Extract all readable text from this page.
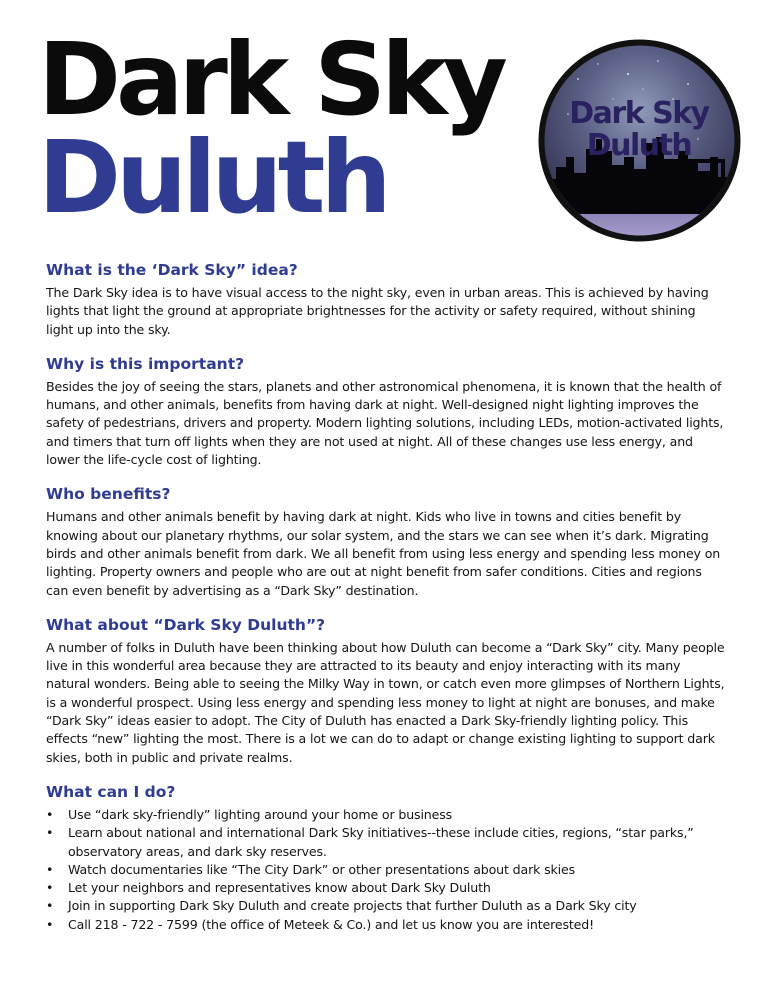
Dark Sky
Duluth
Dark Sky
Duluth
What is the ‘Dark Sky” idea?

The Dark Sky idea is to have visual access to the night sky, even in urban areas. This is achieved by having lights that light the ground at appropriate brightnesses for the activity or safety required, without shining light up into the sky.

Why is this important?

Besides the joy of seeing the stars, planets and other astronomical phenomena, it is known that the health of humans, and other animals, benefits from having dark at night. Well-designed night lighting improves the safety of pedestrians, drivers and property. Modern lighting solutions, including LEDs, motion-activated lights, and timers that turn off lights when they are not used at night. All of these changes use less energy, and lower the life-cycle cost of lighting.

Who benefits?

Humans and other animals benefit by having dark at night. Kids who live in towns and cities benefit by knowing about our planetary rhythms, our solar system, and the stars we can see when it’s dark. Migrating birds and other animals benefit from dark. We all benefit from using less energy and spending less money on lighting. Property owners and people who are out at night benefit from safer conditions. Cities and regions can even benefit by advertising as a “Dark Sky” destination.

What about “Dark Sky Duluth”?

A number of folks in Duluth have been thinking about how Duluth can become a “Dark Sky” city. Many people live in this wonderful area because they are attracted to its beauty and enjoy interacting with its many natural wonders. Being able to seeing the Milky Way in town, or catch even more glimpses of Northern Lights, is a wonderful prospect. Using less energy and spending less money to light at night are bonuses, and make “Dark Sky” ideas easier to adopt. The City of Duluth has enacted a Dark Sky-friendly lighting policy. This effects “new” lighting the most. There is a lot we can do to adapt or change existing lighting to support dark skies, both in public and private realms.

What can I do?
• Use “dark sky-friendly” lighting around your home or business
• Learn about national and international Dark Sky initiatives--these include cities, regions, “star parks,” observatory areas, and dark sky reserves.
• Watch documentaries like “The City Dark” or other presentations about dark skies
• Let your neighbors and representatives know about Dark Sky Duluth
• Join in supporting Dark Sky Duluth and create projects that further Duluth as a Dark Sky city
• Call 218 - 722 - 7599 (the office of Meteek & Co.) and let us know you are interested!
